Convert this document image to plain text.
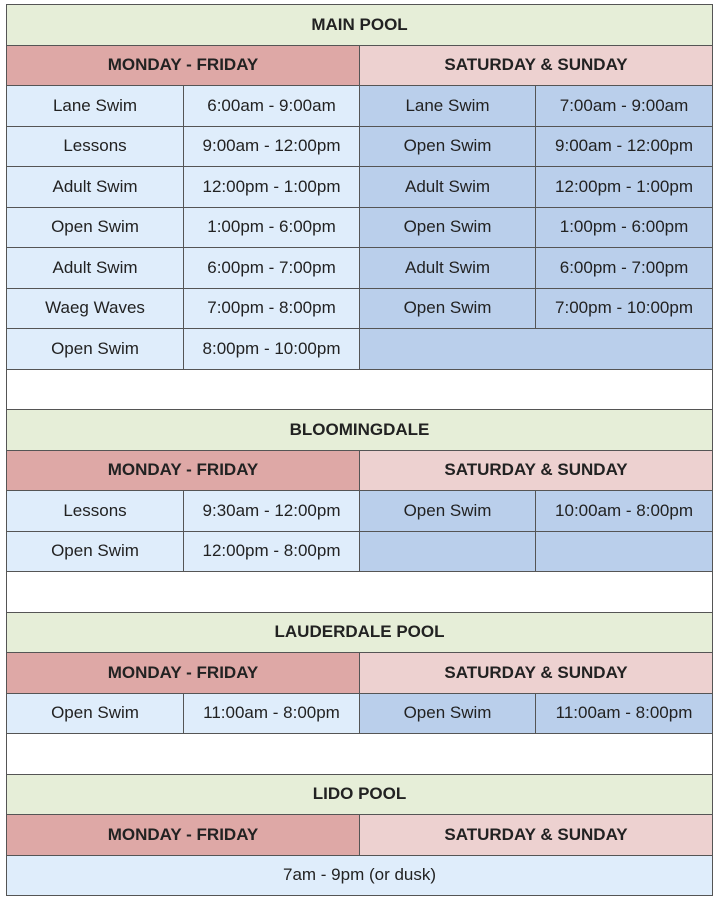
MAIN POOL			
MONDAY - FRIDAY		SATURDAY & SUNDAY	
Lane Swim	6:00am - 9:00am	Lane Swim	7:00am - 9:00am
Lessons	9:00am - 12:00pm	Open Swim	9:00am - 12:00pm
Adult Swim	12:00pm - 1:00pm	Adult Swim	12:00pm - 1:00pm
Open Swim	1:00pm - 6:00pm	Open Swim	1:00pm - 6:00pm
Adult Swim	6:00pm - 7:00pm	Adult Swim	6:00pm - 7:00pm
Waeg Waves	7:00pm - 8:00pm	Open Swim	7:00pm - 10:00pm
Open Swim	8:00pm - 10:00pm		

BLOOMINGDALE			
MONDAY - FRIDAY		SATURDAY & SUNDAY	
Lessons	9:30am - 12:00pm	Open Swim	10:00am - 8:00pm
Open Swim	12:00pm - 8:00pm		

LAUDERDALE POOL			
MONDAY - FRIDAY		SATURDAY & SUNDAY	
Open Swim	11:00am - 8:00pm	Open Swim	11:00am - 8:00pm

LIDO POOL			
MONDAY - FRIDAY		SATURDAY & SUNDAY	
7am - 9pm (or dusk)			
